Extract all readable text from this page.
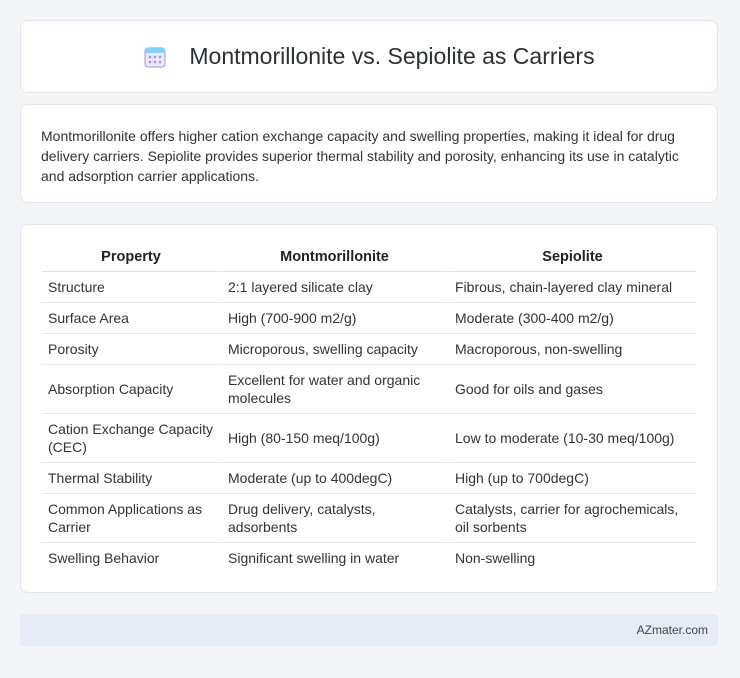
Montmorillonite vs. Sepiolite as Carriers

Montmorillonite offers higher cation exchange capacity and swelling properties, making it ideal for drug delivery carriers. Sepiolite provides superior thermal stability and porosity, enhancing its use in catalytic and adsorption carrier applications.

Property	Montmorillonite	Sepiolite
Structure	2:1 layered silicate clay	Fibrous, chain-layered clay mineral
Surface Area	High (700-900 m2/g)	Moderate (300-400 m2/g)
Porosity	Microporous, swelling capacity	Macroporous, non-swelling
Absorption Capacity	Excellent for water and organic molecules	Good for oils and gases
Cation Exchange Capacity (CEC)	High (80-150 meq/100g)	Low to moderate (10-30 meq/100g)
Thermal Stability	Moderate (up to 400degC)	High (up to 700degC)
Common Applications as Carrier	Drug delivery, catalysts, adsorbents	Catalysts, carrier for agrochemicals, oil sorbents
Swelling Behavior	Significant swelling in water	Non-swelling
AZmater.com
